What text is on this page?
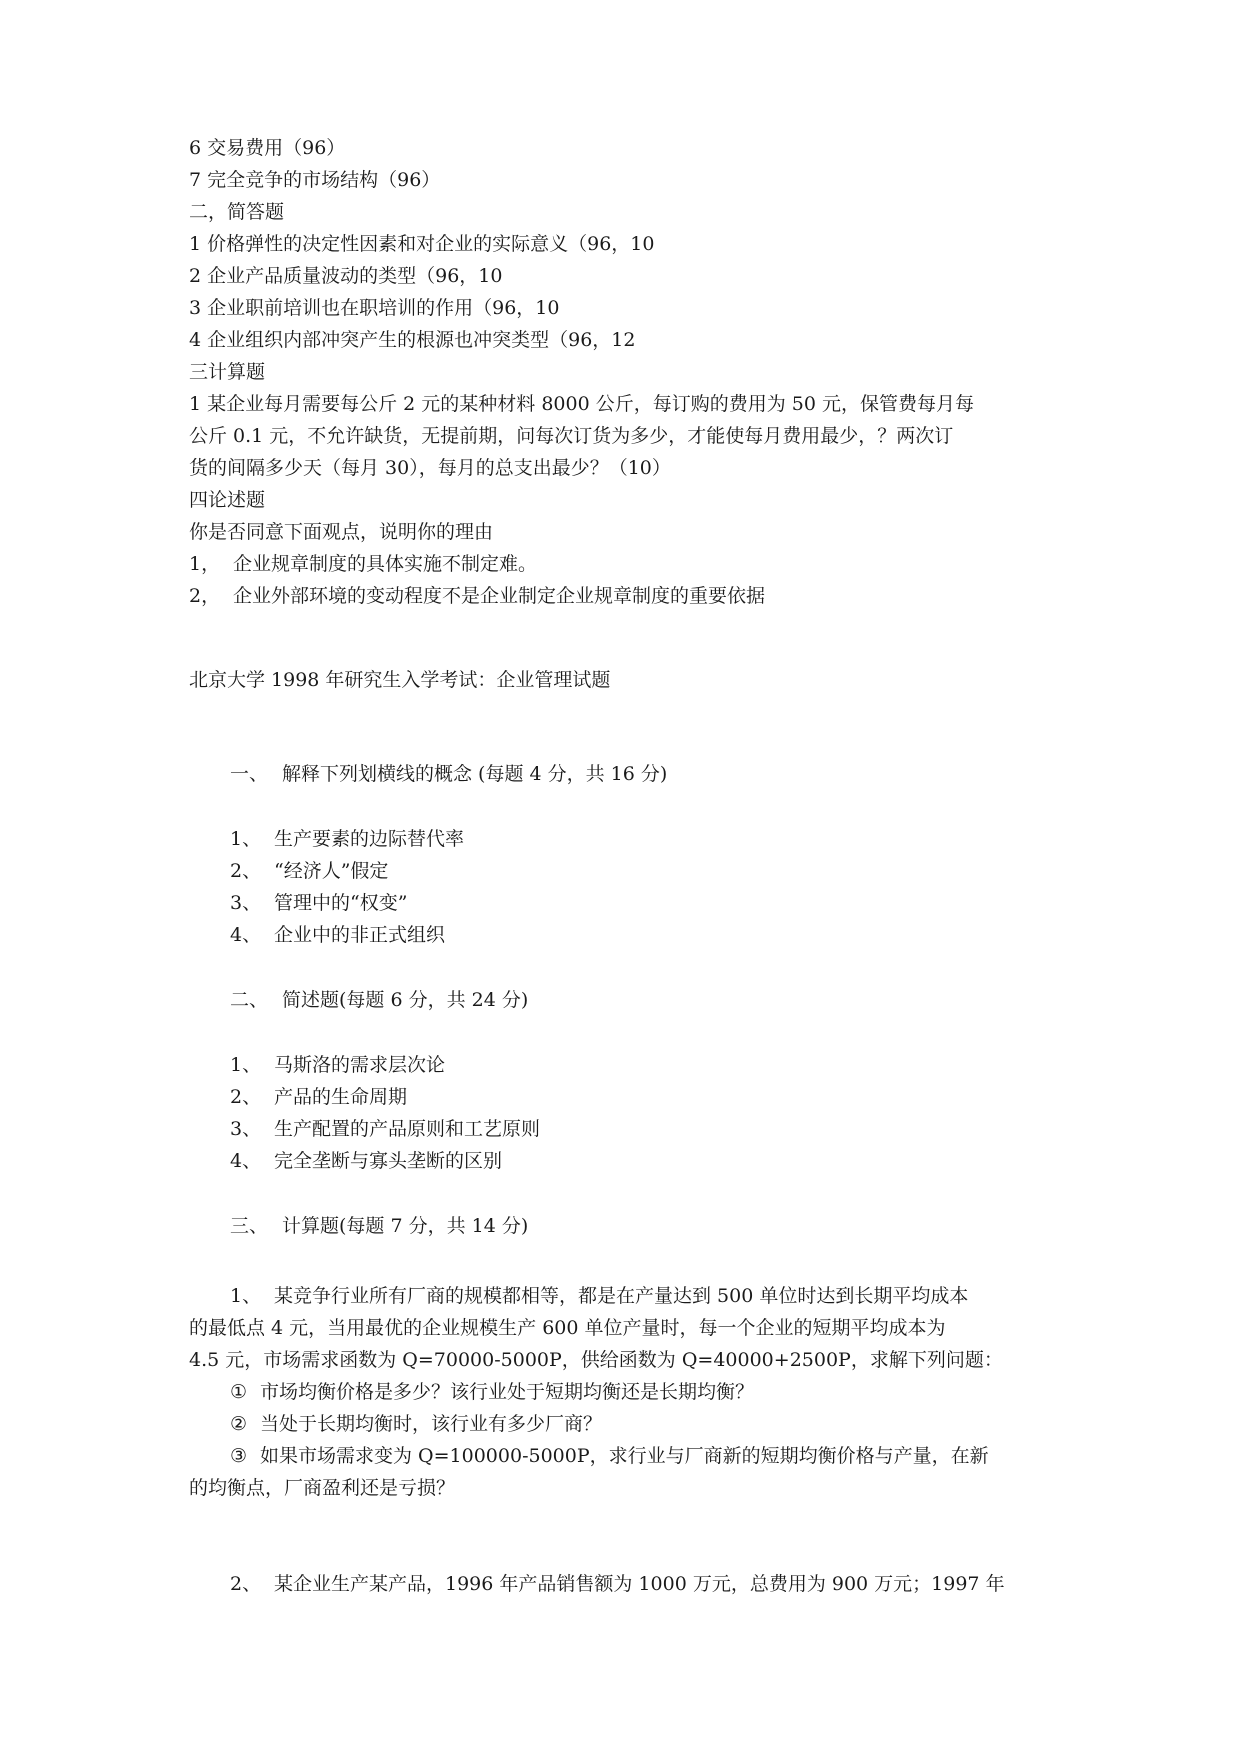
6 交易费用（96）
7 完全竞争的市场结构（96）
二，简答题
1 价格弹性的决定性因素和对企业的实际意义（96，10
2 企业产品质量波动的类型（96，10
3 企业职前培训也在职培训的作用（96，10
4 企业组织内部冲突产生的根源也冲突类型（96，12
三计算题
1 某企业每月需要每公斤 2 元的某种材料 8000 公斤，每订购的费用为 50 元，保管费每月每
公斤 0.1 元，不允许缺货，无提前期，问每次订货为多少，才能使每月费用最少，？两次订
货的间隔多少天（每月 30），每月的总支出最少？（10）
四论述题
你是否同意下面观点，说明你的理由
1， 企业规章制度的具体实施不制定难。
2， 企业外部环境的变动程度不是企业制定企业规章制度的重要依据
北京大学 1998 年研究生入学考试：企业管理试题
一、 解释下列划横线的概念 (每题 4 分，共 16 分)
1、 生产要素的边际替代率
2、 “经济人”假定
3、 管理中的“权变”
4、 企业中的非正式组织
二、 简述题(每题 6 分，共 24 分)
1、 马斯洛的需求层次论
2、 产品的生命周期
3、 生产配置的产品原则和工艺原则
4、 完全垄断与寡头垄断的区别
三、 计算题(每题 7 分，共 14 分)
1、 某竞争行业所有厂商的规模都相等，都是在产量达到 500 单位时达到长期平均成本
的最低点 4 元，当用最优的企业规模生产 600 单位产量时，每一个企业的短期平均成本为
4.5 元，市场需求函数为 Q=70000-5000P，供给函数为 Q=40000+2500P，求解下列问题：
① 市场均衡价格是多少？该行业处于短期均衡还是长期均衡？
② 当处于长期均衡时，该行业有多少厂商？
③ 如果市场需求变为 Q=100000-5000P，求行业与厂商新的短期均衡价格与产量，在新
的均衡点，厂商盈利还是亏损？
2、 某企业生产某产品，1996 年产品销售额为 1000 万元，总费用为 900 万元；1997 年
